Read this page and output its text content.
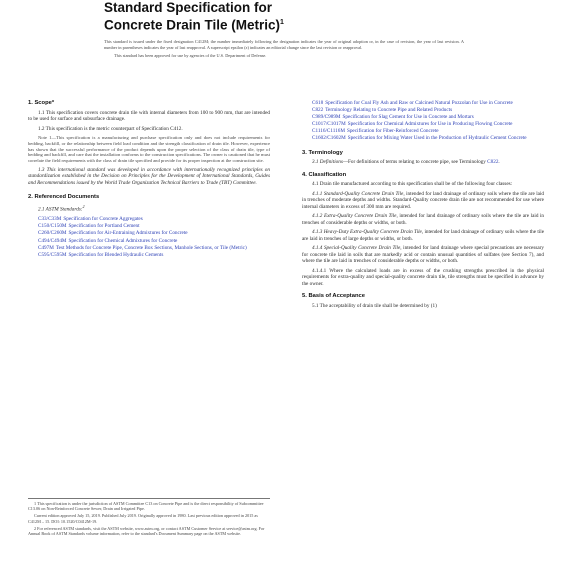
Standard Specification for
Concrete Drain Tile (Metric)$^1$

This standard is issued under the fixed designation C412M; the number immediately following the designation indicates the year of original adoption or, in the case of revision, the year of last revision. A number in parentheses indicates the year of last reapproval. A superscript epsilon (ε) indicates an editorial change since the last revision or reapproval.

This standard has been approved for use by agencies of the U.S. Department of Defense.

1. Scope*

1.1 This specification covers concrete drain tile with internal diameters from 100 to 900 mm, that are intended to be used for surface and subsurface drainage.

1.2 This specification is the metric counterpart of Specification C412.

Note 1—This specification is a manufacturing and purchase specification only and does not include requirements for bedding, backfill, or the relationship between field load condition and the strength classification of drain tile. However, experience has shown that the successful performance of the product depends upon the proper selection of the class of drain tile, type of bedding and backfill, and care that the installation conforms to the construction specifications. The owner is cautioned that he must correlate the field requirements with the class of drain tile specified and provide for its proper inspection at the construction site.

1.3 This international standard was developed in accordance with internationally recognized principles on standardization established in the Decision on Principles for the Development of International Standards, Guides and Recommendations issued by the World Trade Organization Technical Barriers to Trade (TBT) Committee.

2. Referenced Documents

2.1 ASTM Standards:$^2$

C33/C33M Specification for Concrete Aggregates
C150/C150M Specification for Portland Cement
C260/C260M Specification for Air-Entraining Admixtures for Concrete
C494/C494M Specification for Chemical Admixtures for Concrete
C497M Test Methods for Concrete Pipe, Concrete Box Sections, Manhole Sections, or Tile (Metric)
C595/C595M Specification for Blended Hydraulic Cements

1 This specification is under the jurisdiction of ASTM Committee C13 on Concrete Pipe and is the direct responsibility of Subcommittee C13.06 on Non-Reinforced Concrete Sewer, Drain and Irrigated Pipe.

Current edition approved July 15, 2019. Published July 2019. Originally approved in 1980. Last previous edition approved in 2015 as C412M – 15. DOI: 10.1520/C0412M-19.

2 For referenced ASTM standards, visit the ASTM website, www.astm.org, or contact ASTM Customer Service at service@astm.org. For Annual Book of ASTM Standards volume information, refer to the standard's Document Summary page on the ASTM website.

C618 Specification for Coal Fly Ash and Raw or Calcined Natural Pozzolan for Use in Concrete
C822 Terminology Relating to Concrete Pipe and Related Products
C989/C989M Specification for Slag Cement for Use in Concrete and Mortars
C1017/C1017M Specification for Chemical Admixtures for Use in Producing Flowing Concrete
C1116/C1116M Specification for Fiber-Reinforced Concrete
C1602/C1602M Specification for Mixing Water Used in the Production of Hydraulic Cement Concrete
3. Terminology

3.1 Definitions—For definitions of terms relating to concrete pipe, see Terminology C822.

4. Classification

4.1 Drain tile manufactured according to this specification shall be of the following four classes:

4.1.1 Standard-Quality Concrete Drain Tile, intended for land drainage of ordinary soils where the tile are laid in trenches of moderate depths and widths. Standard-Quality concrete drain tile are not recommended for use where internal diameters in excess of 300 mm are required.

4.1.2 Extra-Quality Concrete Drain Tile, intended for land drainage of ordinary soils where the tile are laid in trenches of considerable depths or widths, or both.

4.1.3 Heavy-Duty Extra-Quality Concrete Drain Tile, intended for land drainage of ordinary soils where the tile are laid in trenches of large depths or widths, or both.

4.1.4 Special-Quality Concrete Drain Tile, intended for land drainage where special precautions are necessary for concrete tile laid in soils that are markedly acid or contain unusual quantities of sulfates (see Section 7), and where the tile are laid in trenches of considerable depths or widths, or both.

4.1.4.1 Where the calculated loads are in excess of the crushing strengths prescribed in the physical requirements for extra-quality and special-quality concrete drain tile, tile strengths must be specified in advance by the owner.

5. Basis of Acceptance

5.1 The acceptability of drain tile shall be determined by (1)
